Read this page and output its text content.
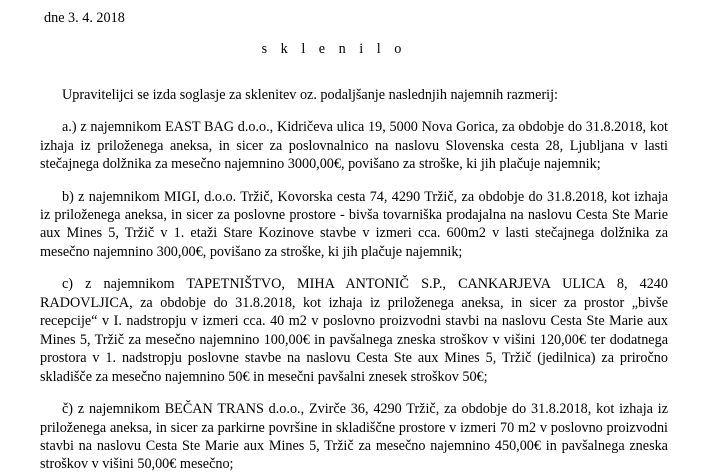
dne 3. 4. 2018

s k l e n i l o

Upravitelijci se izda soglasje za sklenitev oz. podaljšanje naslednjih najemnih razmerij:

a.) z najemnikom EAST BAG d.o.o., Kidričeva ulica 19, 5000 Nova Gorica, za obdobje do 31.8.2018, kot izhaja iz priloženega aneksa, in sicer za poslovnalnico na naslovu Slovenska cesta 28, Ljubljana v lasti stečajnega dolžnika za mesečno najemnino 3000,00€, povišano za stroške, ki jih plačuje najemnik;

b) z najemnikom MIGI, d.o.o. Tržič, Kovorska cesta 74, 4290 Tržič, za obdobje do 31.8.2018, kot izhaja iz priloženega aneksa, in sicer za poslovne prostore - bivša tovarniška prodajalna na naslovu Cesta Ste Marie aux Mines 5, Tržič v 1. etaži Stare Kozinove stavbe v izmeri cca. 600m2 v lasti stečajnega dolžnika za mesečno najemnino 300,00€, povišano za stroške, ki jih plačuje najemnik;

c) z najemnikom TAPETNIŠTVO, MIHA ANTONIČ S.P., CANKARJEVA ULICA 8, 4240 RADOVLJICA, za obdobje do 31.8.2018, kot izhaja iz priloženega aneksa, in sicer za prostor „bivše recepcije“ v I. nadstropju v izmeri cca. 40 m2 v poslovno proizvodni stavbi na naslovu Cesta Ste Marie aux Mines 5, Tržič za mesečno najemnino 100,00€ in pavšalnega zneska stroškov v višini 120,00€ ter dodatnega prostora v 1. nadstropju poslovne stavbe na naslovu Cesta Ste aux Mines 5, Tržič (jedilnica) za priročno skladišče za mesečno najemnino 50€ in mesečni pavšalni znesek stroškov 50€;

č) z najemnikom BEČAN TRANS d.o.o., Zvirče 36, 4290 Tržič, za obdobje do 31.8.2018, kot izhaja iz priloženega aneksa, in sicer za parkirne površine in skladiščne prostore v izmeri 70 m2 v poslovno proizvodni stavbi na naslovu Cesta Ste Marie aux Mines 5, Tržič za mesečno najemnino 450,00€ in pavšalnega zneska stroškov v višini 50,00€ mesečno;
